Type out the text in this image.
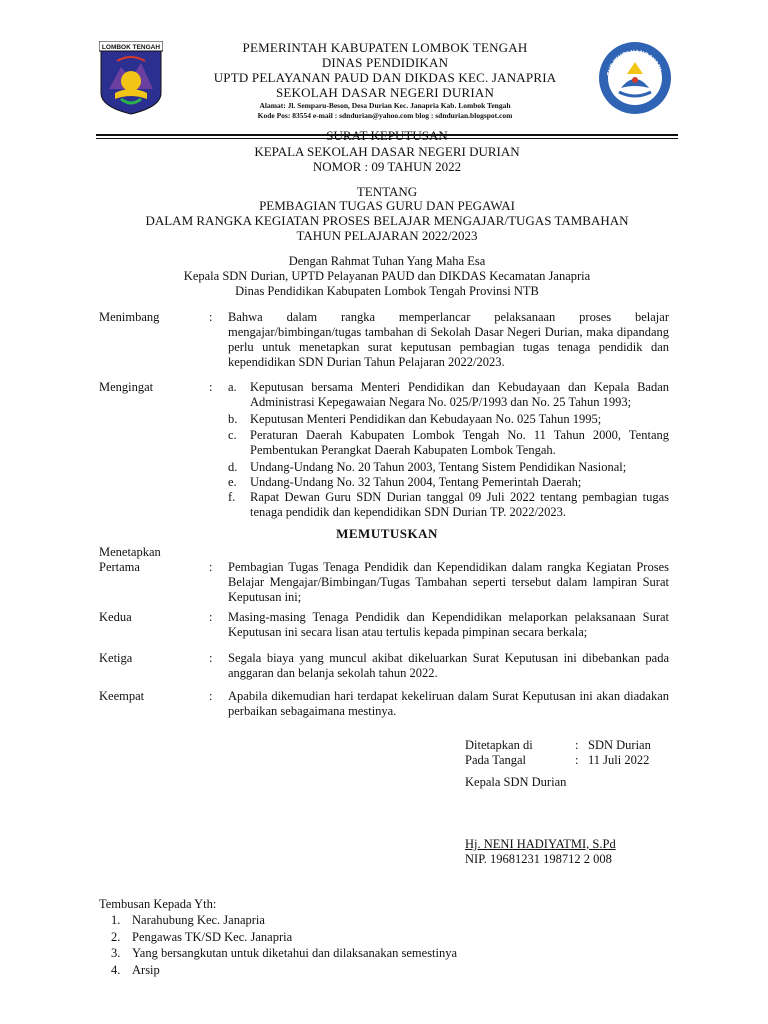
LOMBOK TENGAH
TUT WURI HANDAYANI
PEMERINTAH KABUPATEN LOMBOK TENGAH
DINAS PENDIDIKAN
UPTD PELAYANAN PAUD DAN DIKDAS KEC. JANAPRIA
SEKOLAH DASAR NEGERI DURIAN
Alamat: Jl. Semparu-Beson, Desa Durian Kec. Janapria Kab. Lombok Tengah
Kode Pos: 83554 e-mail : sdndurian@yahoo.com blog : sdndurian.blogspot.com
SURAT KEPUTUSAN
KEPALA SEKOLAH DASAR NEGERI DURIAN
NOMOR : 09 TAHUN 2022
TENTANG
PEMBAGIAN TUGAS GURU DAN PEGAWAI
DALAM RANGKA KEGIATAN PROSES BELAJAR MENGAJAR/TUGAS TAMBAHAN
TAHUN PELAJARAN 2022/2023
Dengan Rahmat Tuhan Yang Maha Esa
Kepala SDN Durian, UPTD Pelayanan PAUD dan DIKDAS Kecamatan Janapria
Dinas Pendidikan Kabupaten Lombok Tengah Provinsi NTB
Menimbang	: Bahwa dalam rangka memperlancar pelaksanaan proses belajar mengajar/bimbingan/tugas tambahan di Sekolah Dasar Negeri Durian, maka dipandang perlu untuk menetapkan surat keputusan pembagian tugas tenaga pendidik dan kependidikan SDN Durian Tahun Pelajaran 2022/2023.
Mengingat	: a. Keputusan bersama Menteri Pendidikan dan Kebudayaan dan Kepala Badan Administrasi Kepegawaian Negara No. 025/P/1993 dan No. 25 Tahun 1993;
b. Keputusan Menteri Pendidikan dan Kebudayaan No. 025 Tahun 1995;
c. Peraturan Daerah Kabupaten Lombok Tengah No. 11 Tahun 2000, Tentang Pembentukan Perangkat Daerah Kabupaten Lombok Tengah.
d. Undang-Undang No. 20 Tahun 2003, Tentang Sistem Pendidikan Nasional;
e. Undang-Undang No. 32 Tahun 2004, Tentang Pemerintah Daerah;
f. Rapat Dewan Guru SDN Durian tanggal 09 Juli 2022 tentang pembagian tugas tenaga pendidik dan kependidikan SDN Durian TP. 2022/2023.
MEMUTUSKAN
Menetapkan
Pertama	: Pembagian Tugas Tenaga Pendidik dan Kependidikan dalam rangka Kegiatan Proses Belajar Mengajar/Bimbingan/Tugas Tambahan seperti tersebut dalam lampiran Surat Keputusan ini;
Kedua	: Masing-masing Tenaga Pendidik dan Kependidikan melaporkan pelaksanaan Surat Keputusan ini secara lisan atau tertulis kepada pimpinan secara berkala;
Ketiga	: Segala biaya yang muncul akibat dikeluarkan Surat Keputusan ini dibebankan pada anggaran dan belanja sekolah tahun 2022.
Keempat	: Apabila dikemudian hari terdapat kekeliruan dalam Surat Keputusan ini akan diadakan perbaikan sebagaimana mestinya.
Ditetapkan di	: SDN Durian
Pada Tangal	: 11 Juli 2022
Kepala SDN Durian
Hj. NENI HADIYATMI, S.Pd
NIP. 19681231 198712 2 008
Tembusan Kepada Yth:
1. Narahubung Kec. Janapria
2. Pengawas TK/SD Kec. Janapria
3. Yang bersangkutan untuk diketahui dan dilaksanakan semestinya
4. Arsip
